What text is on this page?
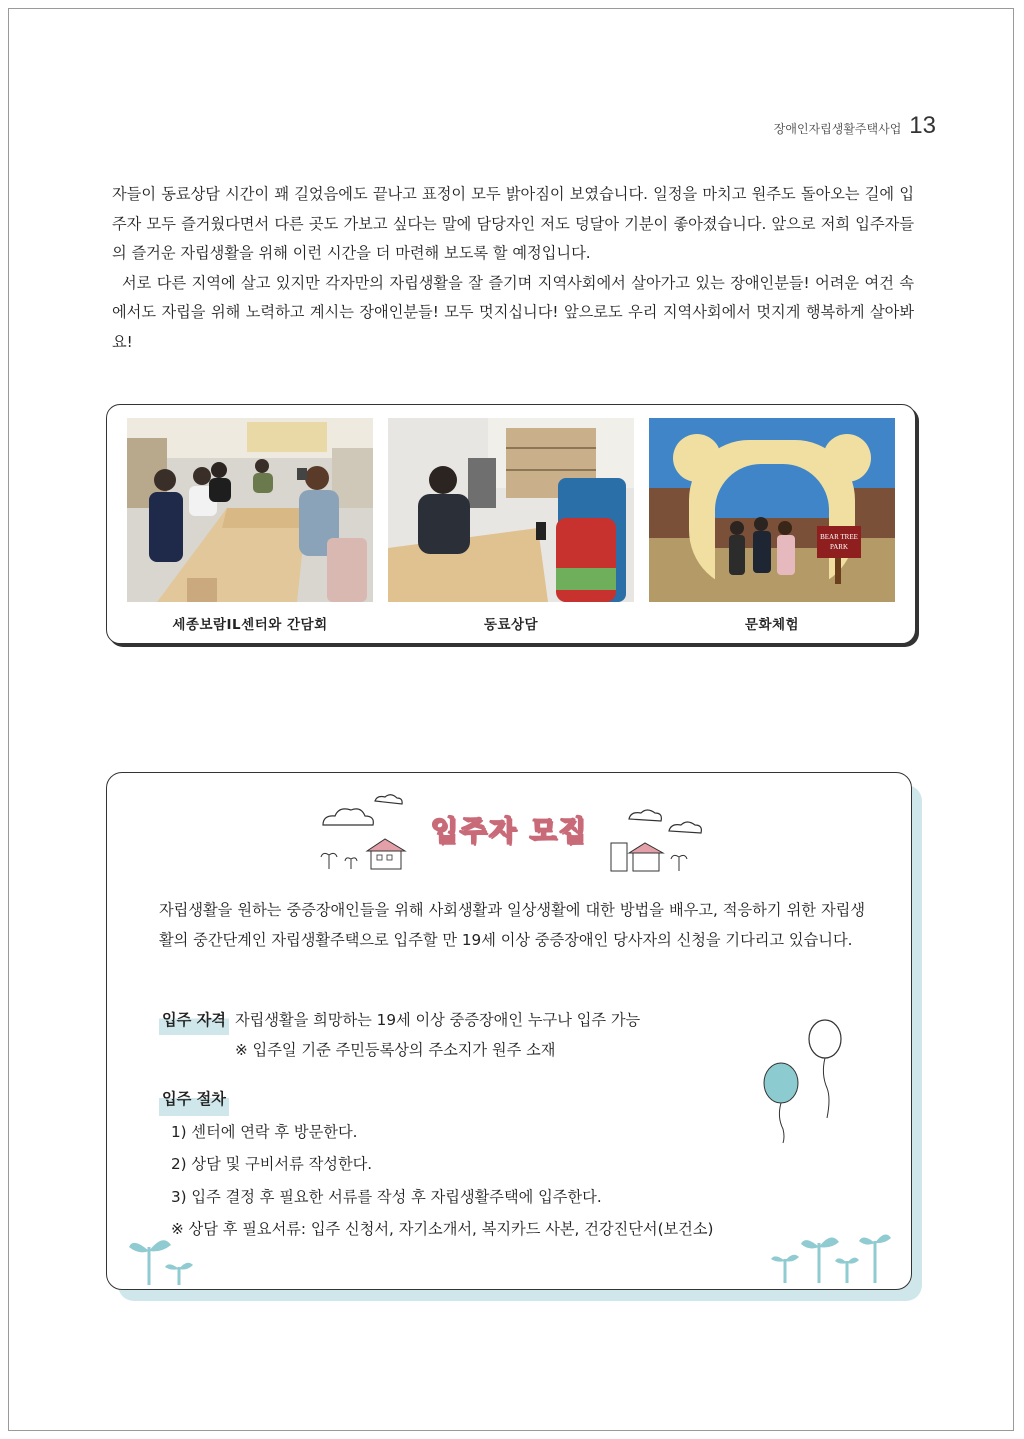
장애인자립생활주택사업 13

자들이 동료상담 시간이 꽤 길었음에도 끝나고 표정이 모두 밝아짐이 보였습니다. 일정을 마치고 원주도 돌아오는 길에 입주자 모두 즐거웠다면서 다른 곳도 가보고 싶다는 말에 담당자인 저도 덩달아 기분이 좋아졌습니다. 앞으로 저희 입주자들의 즐거운 자립생활을 위해 이런 시간을 더 마련해 보도록 할 예정입니다.

서로 다른 지역에 살고 있지만 각자만의 자립생활을 잘 즐기며 지역사회에서 살아가고 있는 장애인분들! 어려운 여건 속에서도 자립을 위해 노력하고 계시는 장애인분들! 모두 멋지십니다! 앞으로도 우리 지역사회에서 멋지게 행복하게 살아봐요!

세종보람IL센터와 간담회	동료상담
BEAR TREE
PARK
문화체험
입주자 모집
자립생활을 원하는 중증장애인들을 위해 사회생활과 일상생활에 대한 방법을 배우고, 적응하기 위한 자립생활의 중간단계인 자립생활주택으로 입주할 만 19세 이상 중증장애인 당사자의 신청을 기다리고 있습니다.
입주 자격 자립생활을 희망하는 19세 이상 중증장애인 누구나 입주 가능
※ 입주일 기준 주민등록상의 주소지가 원주 소재
입주 절차
1) 센터에 연락 후 방문한다.
2) 상담 및 구비서류 작성한다.
3) 입주 결정 후 필요한 서류를 작성 후 자립생활주택에 입주한다.
※ 상담 후 필요서류: 입주 신청서, 자기소개서, 복지카드 사본, 건강진단서(보건소)
